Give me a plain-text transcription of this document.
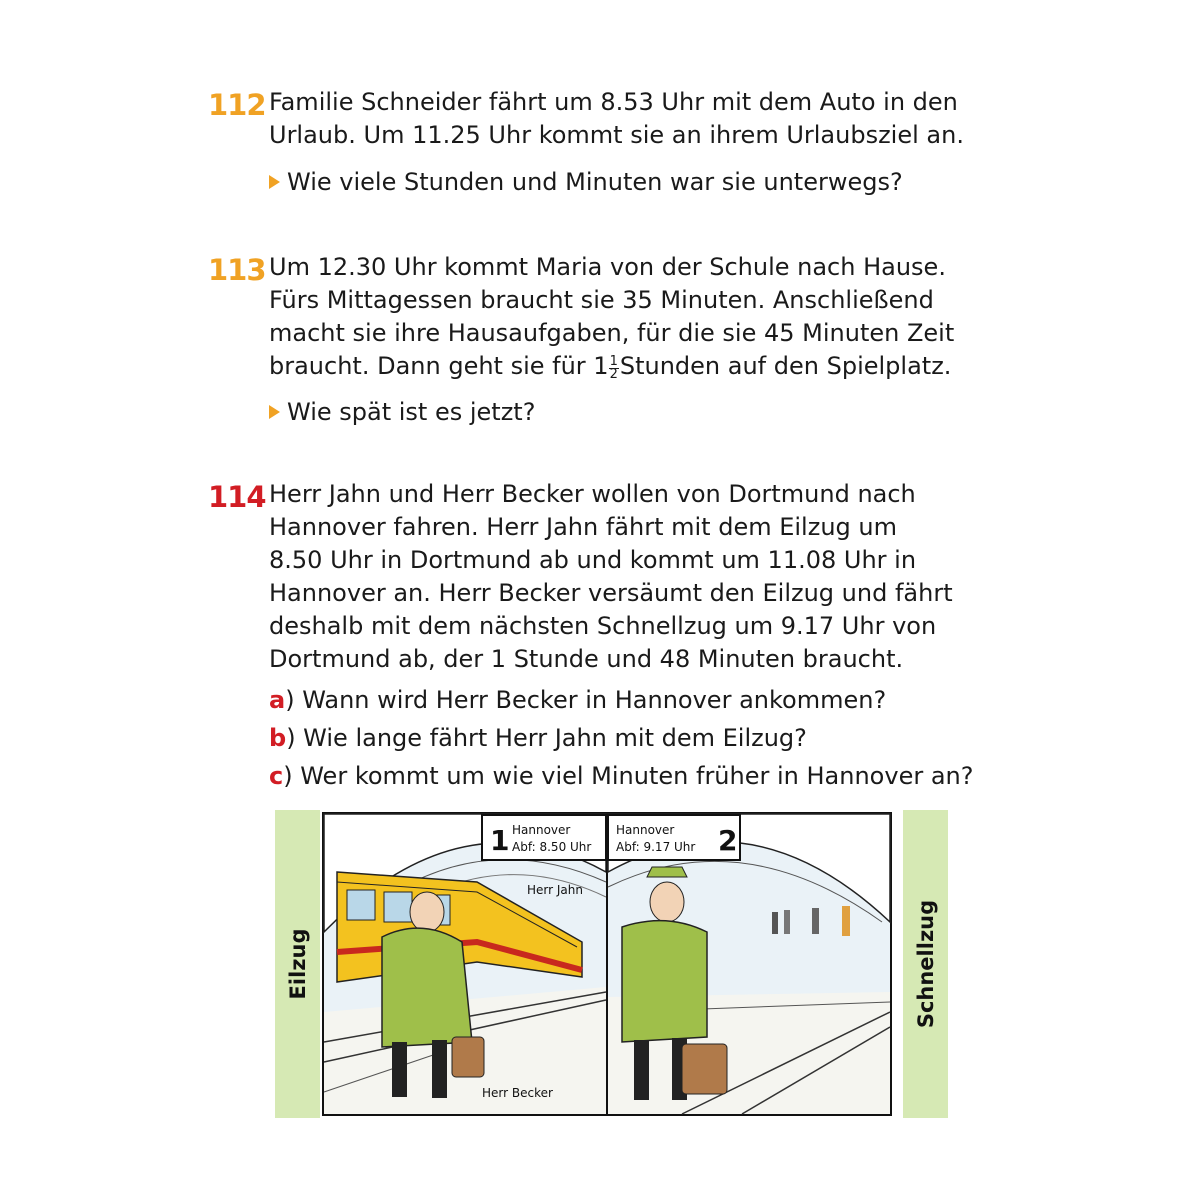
112 Familie Schneider fährt um 8.53 Uhr mit dem Auto in den

Urlaub. Um 11.25 Uhr kommt sie an ihrem Urlaubsziel an.

Wie viele Stunden und Minuten war sie unterwegs?
113 Um 12.30 Uhr kommt Maria von der Schule nach Hause.

Fürs Mittagessen braucht sie 35 Minuten. Anschließend

macht sie ihre Hausaufgaben, für die sie 45 Minuten Zeit

braucht. Dann geht sie für $1 \frac{1}{2}$ Stunden auf den Spielplatz.

Wie spät ist es jetzt?
114 Herr Jahn und Herr Becker wollen von Dortmund nach

Hannover fahren. Herr Jahn fährt mit dem Eilzug um

8.50 Uhr in Dortmund ab und kommt um 11.08 Uhr in

Hannover an. Herr Becker versäumt den Eilzug und fährt

deshalb mit dem nächsten Schnellzug um 9.17 Uhr von

Dortmund ab, der 1 Stunde und 48 Minuten braucht.

a) Wann wird Herr Becker in Hannover ankommen?
b) Wie lange fährt Herr Jahn mit dem Eilzug?
c) Wer kommt um wie viel Minuten früher in Hannover an?
Eilzug	Schnellzug
1 Hannover
Abf: 8.50 Uhr
Herr Jahn
Herr Becker
Hannover
Abf: 9.17 Uhr 2
